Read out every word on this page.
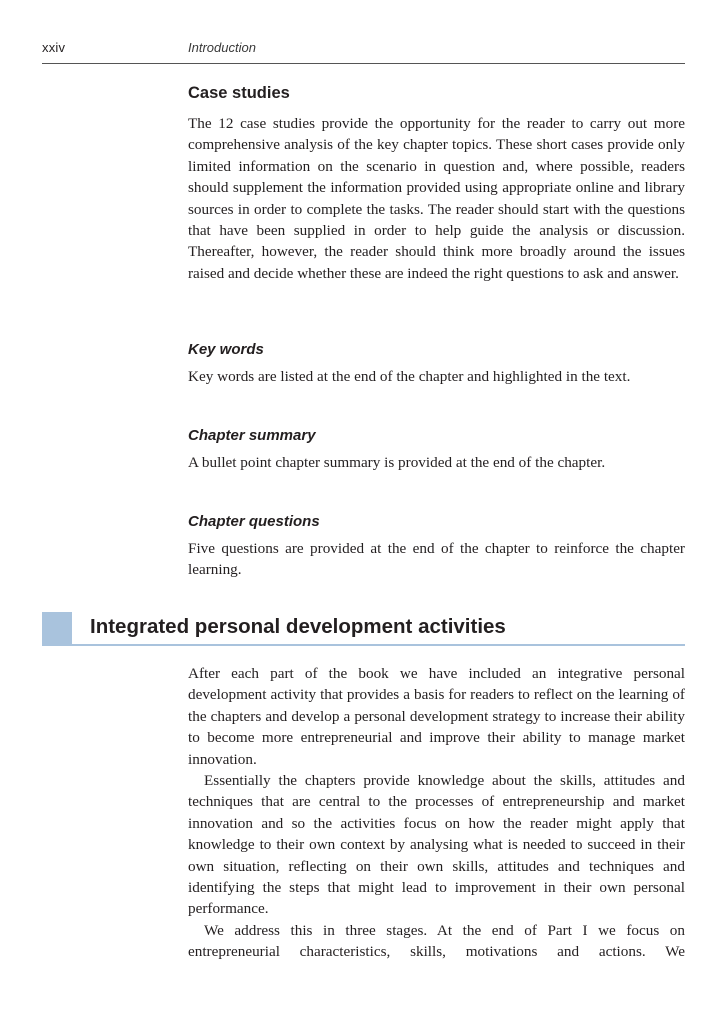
xxiv	Introduction
Case studies

The 12 case studies provide the opportunity for the reader to carry out more comprehensive analysis of the key chapter topics. These short cases provide only limited information on the scenario in question and, where possible, readers should supplement the information provided using appropriate online and library sources in order to complete the tasks. The reader should start with the questions that have been supplied in order to help guide the analysis or discussion. Thereafter, however, the reader should think more broadly around the issues raised and decide whether these are indeed the right questions to ask and answer.

Key words

Key words are listed at the end of the chapter and highlighted in the text.

Chapter summary

A bullet point chapter summary is provided at the end of the chapter.

Chapter questions

Five questions are provided at the end of the chapter to reinforce the chapter learning.

Integrated personal development activities

After each part of the book we have included an integrative personal development activity that provides a basis for readers to reflect on the learning of the chapters and develop a personal development strategy to increase their ability to become more entrepreneurial and improve their ability to manage market innovation.

Essentially the chapters provide knowledge about the skills, attitudes and techniques that are central to the processes of entrepreneurship and market innovation and so the activities focus on how the reader might apply that knowledge to their own context by analysing what is needed to succeed in their own situation, reflecting on their own skills, attitudes and techniques and identifying the steps that might lead to improvement in their own personal performance.

We address this in three stages. At the end of Part I we focus on entrepreneurial characteristics, skills, motivations and actions. We
